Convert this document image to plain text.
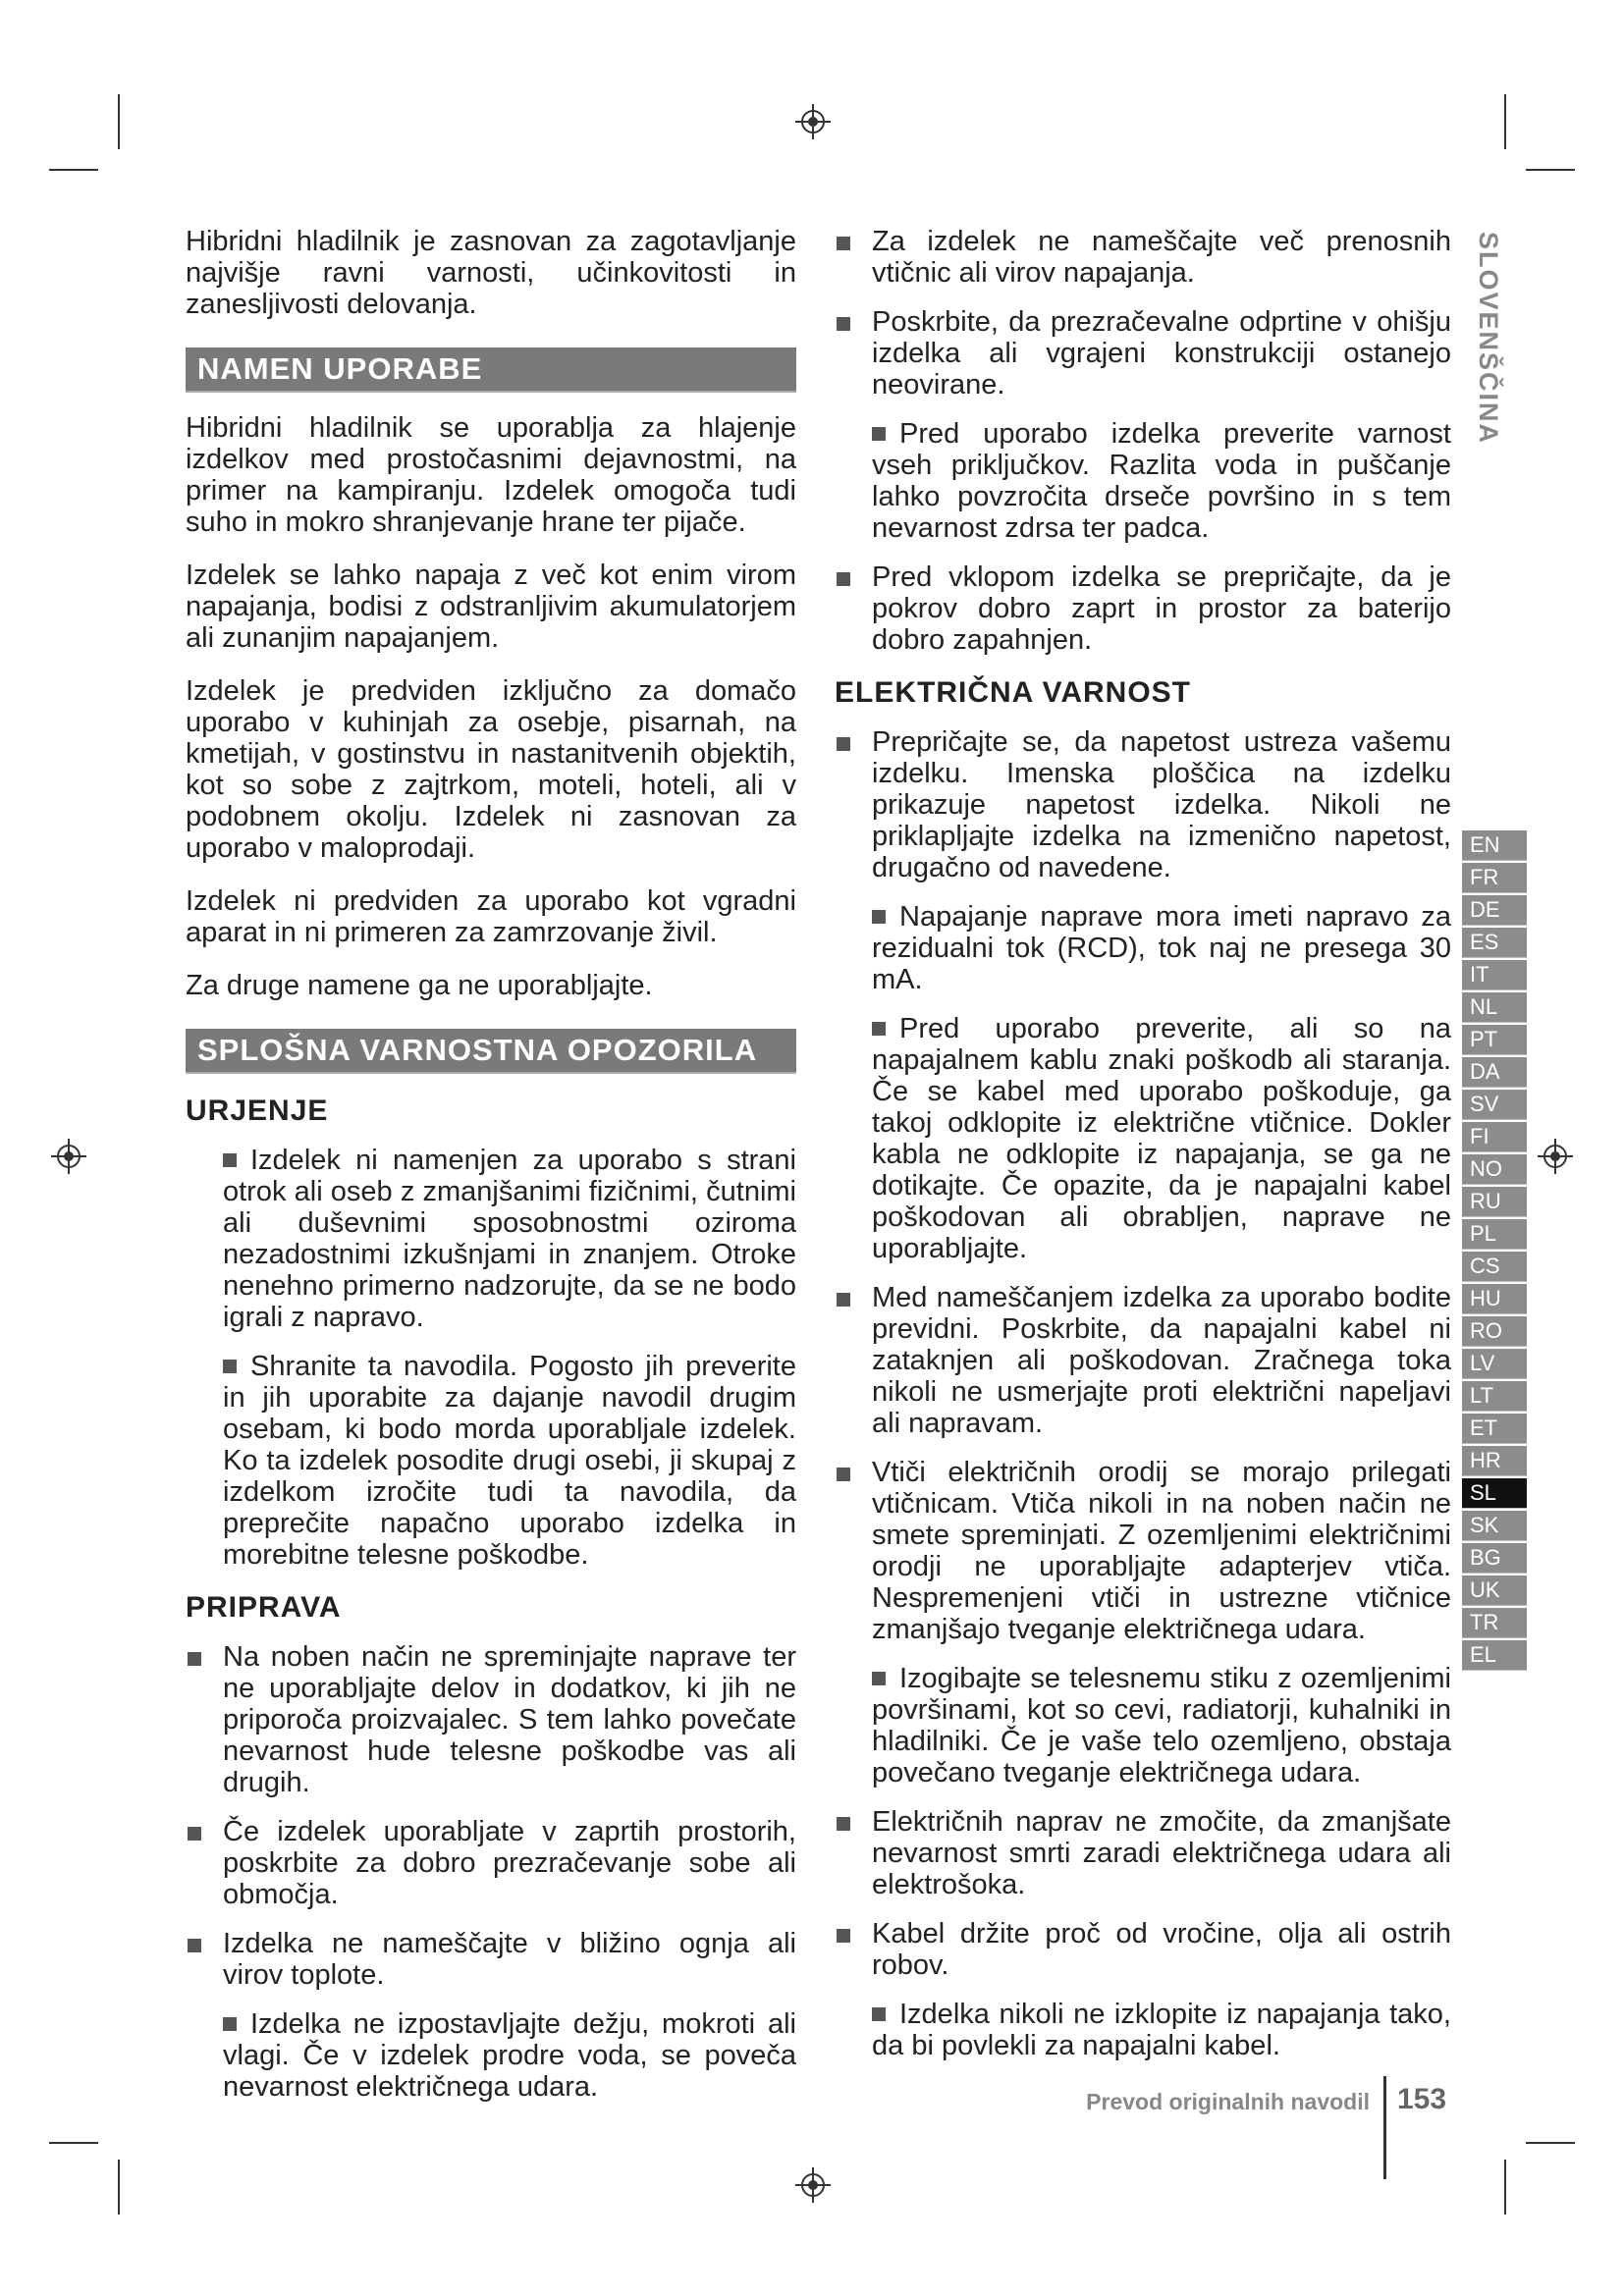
Hibridni hladilnik je zasnovan za zagotavljanje najvišje ravni varnosti, učinkovitosti in zanesljivosti delovanja.

NAMEN UPORABE

Hibridni hladilnik se uporablja za hlajenje izdelkov med prostočasnimi dejavnostmi, na primer na kampiranju. Izdelek omogoča tudi suho in mokro shranjevanje hrane ter pijače.

Izdelek se lahko napaja z več kot enim virom napajanja, bodisi z odstranljivim akumulatorjem ali zunanjim napajanjem.

Izdelek je predviden izključno za domačo uporabo v kuhinjah za osebje, pisarnah, na kmetijah, v gostinstvu in nastanitvenih objektih, kot so sobe z zajtrkom, moteli, hoteli, ali v podobnem okolju. Izdelek ni zasnovan za uporabo v maloprodaji.

Izdelek ni predviden za uporabo kot vgradni aparat in ni primeren za zamrzovanje živil.

Za druge namene ga ne uporabljajte.

SPLOŠNA VARNOSTNA OPOZORILA
URJENJE
Izdelek ni namenjen za uporabo s strani otrok ali oseb z zmanjšanimi fizičnimi, čutnimi ali duševnimi sposobnostmi oziroma nezadostnimi izkušnjami in znanjem. Otroke nenehno primerno nadzorujte, da se ne bodo igrali z napravo.
Shranite ta navodila. Pogosto jih preverite in jih uporabite za dajanje navodil drugim osebam, ki bodo morda uporabljale izdelek. Ko ta izdelek posodite drugi osebi, ji skupaj z izdelkom izročite tudi ta navodila, da preprečite napačno uporabo izdelka in morebitne telesne poškodbe.
PRIPRAVA
Na noben način ne spreminjajte naprave ter ne uporabljajte delov in dodatkov, ki jih ne priporoča proizvajalec. S tem lahko povečate nevarnost hude telesne poškodbe vas ali drugih.
Če izdelek uporabljate v zaprtih prostorih, poskrbite za dobro prezračevanje sobe ali območja.
Izdelka ne nameščajte v bližino ognja ali virov toplote.
Izdelka ne izpostavljajte dežju, mokroti ali vlagi. Če v izdelek prodre voda, se poveča nevarnost električnega udara.
Za izdelek ne nameščajte več prenosnih vtičnic ali virov napajanja.
Poskrbite, da prezračevalne odprtine v ohišju izdelka ali vgrajeni konstrukciji ostanejo neovirane.
Pred uporabo izdelka preverite varnost vseh priključkov. Razlita voda in puščanje lahko povzročita drseče površino in s tem nevarnost zdrsa ter padca.
Pred vklopom izdelka se prepričajte, da je pokrov dobro zaprt in prostor za baterijo dobro zapahnjen.
ELEKTRIČNA VARNOST
Prepričajte se, da napetost ustreza vašemu izdelku. Imenska ploščica na izdelku prikazuje napetost izdelka. Nikoli ne priklapljajte izdelka na izmenično napetost, drugačno od navedene.
Napajanje naprave mora imeti napravo za rezidualni tok (RCD), tok naj ne presega 30 mA.
Pred uporabo preverite, ali so na napajalnem kablu znaki poškodb ali staranja. Če se kabel med uporabo poškoduje, ga takoj odklopite iz električne vtičnice. Dokler kabla ne odklopite iz napajanja, se ga ne dotikajte. Če opazite, da je napajalni kabel poškodovan ali obrabljen, naprave ne uporabljajte.
Med nameščanjem izdelka za uporabo bodite previdni. Poskrbite, da napajalni kabel ni zataknjen ali poškodovan. Zračnega toka nikoli ne usmerjajte proti električni napeljavi ali napravam.
Vtiči električnih orodij se morajo prilegati vtičnicam. Vtiča nikoli in na noben način ne smete spreminjati. Z ozemljenimi električnimi orodji ne uporabljajte adapterjev vtiča. Nespremenjeni vtiči in ustrezne vtičnice zmanjšajo tveganje električnega udara.
Izogibajte se telesnemu stiku z ozemljenimi površinami, kot so cevi, radiatorji, kuhalniki in hladilniki. Če je vaše telo ozemljeno, obstaja povečano tveganje električnega udara.
Električnih naprav ne zmočite, da zmanjšate nevarnost smrti zaradi električnega udara ali elektrošoka.
Kabel držite proč od vročine, olja ali ostrih robov.
Izdelka nikoli ne izklopite iz napajanja tako, da bi povlekli za napajalni kabel.
SLOVENŠČINA
EN
FR
DE
ES
IT
NL
PT
DA
SV
FI
NO
RU
PL
CS
HU
RO
LV
LT
ET
HR
SL
SK
BG
UK
TR
EL
Prevod originalnih navodil 153
